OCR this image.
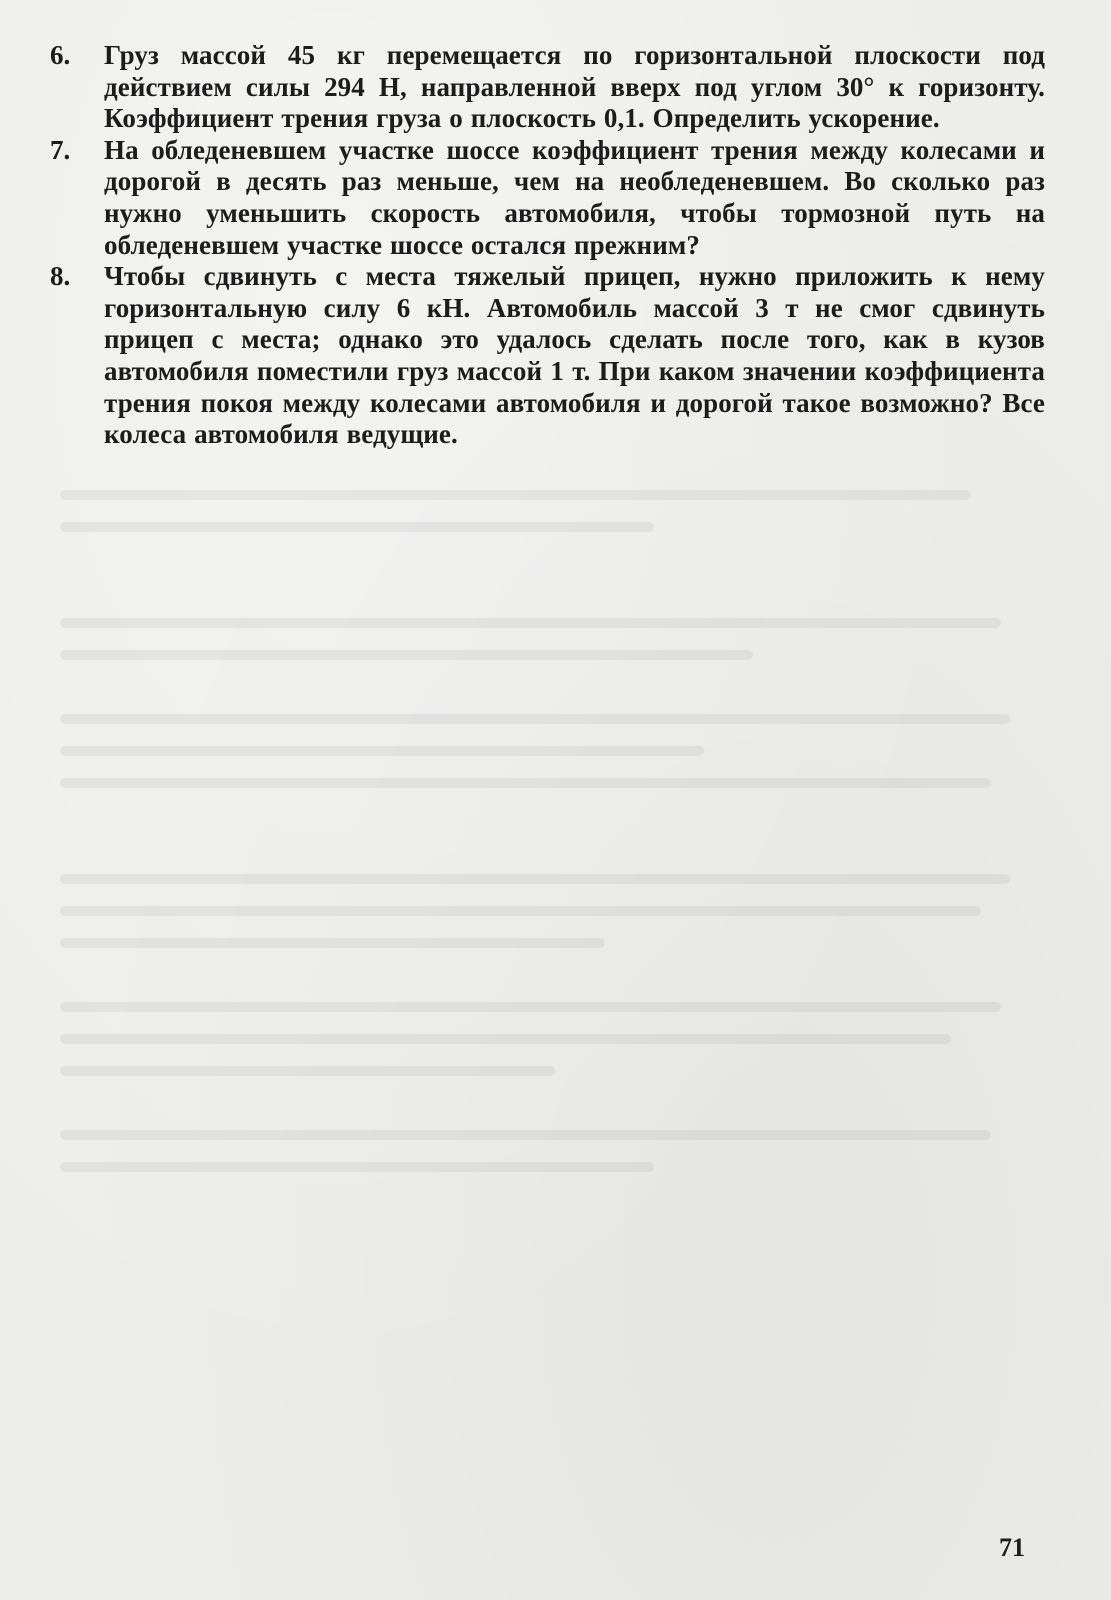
6. Груз массой 45 кг перемещается по горизонтальной плоскости под действием силы 294 Н, направленной вверх под углом 30° к горизонту. Коэффициент трения груза о плоскость 0,1. Определить ускорение.
7. На обледеневшем участке шоссе коэффициент трения между колесами и дорогой в десять раз меньше, чем на необледеневшем. Во сколько раз нужно уменьшить скорость автомобиля, чтобы тормозной путь на обледеневшем участке шоссе остался прежним?
8. Чтобы сдвинуть с места тяжелый прицеп, нужно приложить к нему горизонтальную силу 6 кН. Автомобиль массой 3 т не смог сдвинуть прицеп с места; однако это удалось сделать после того, как в кузов автомобиля поместили груз массой 1 т. При каком значении коэффициента трения покоя между колесами автомобиля и дорогой такое возможно? Все колеса автомобиля ведущие.
71
